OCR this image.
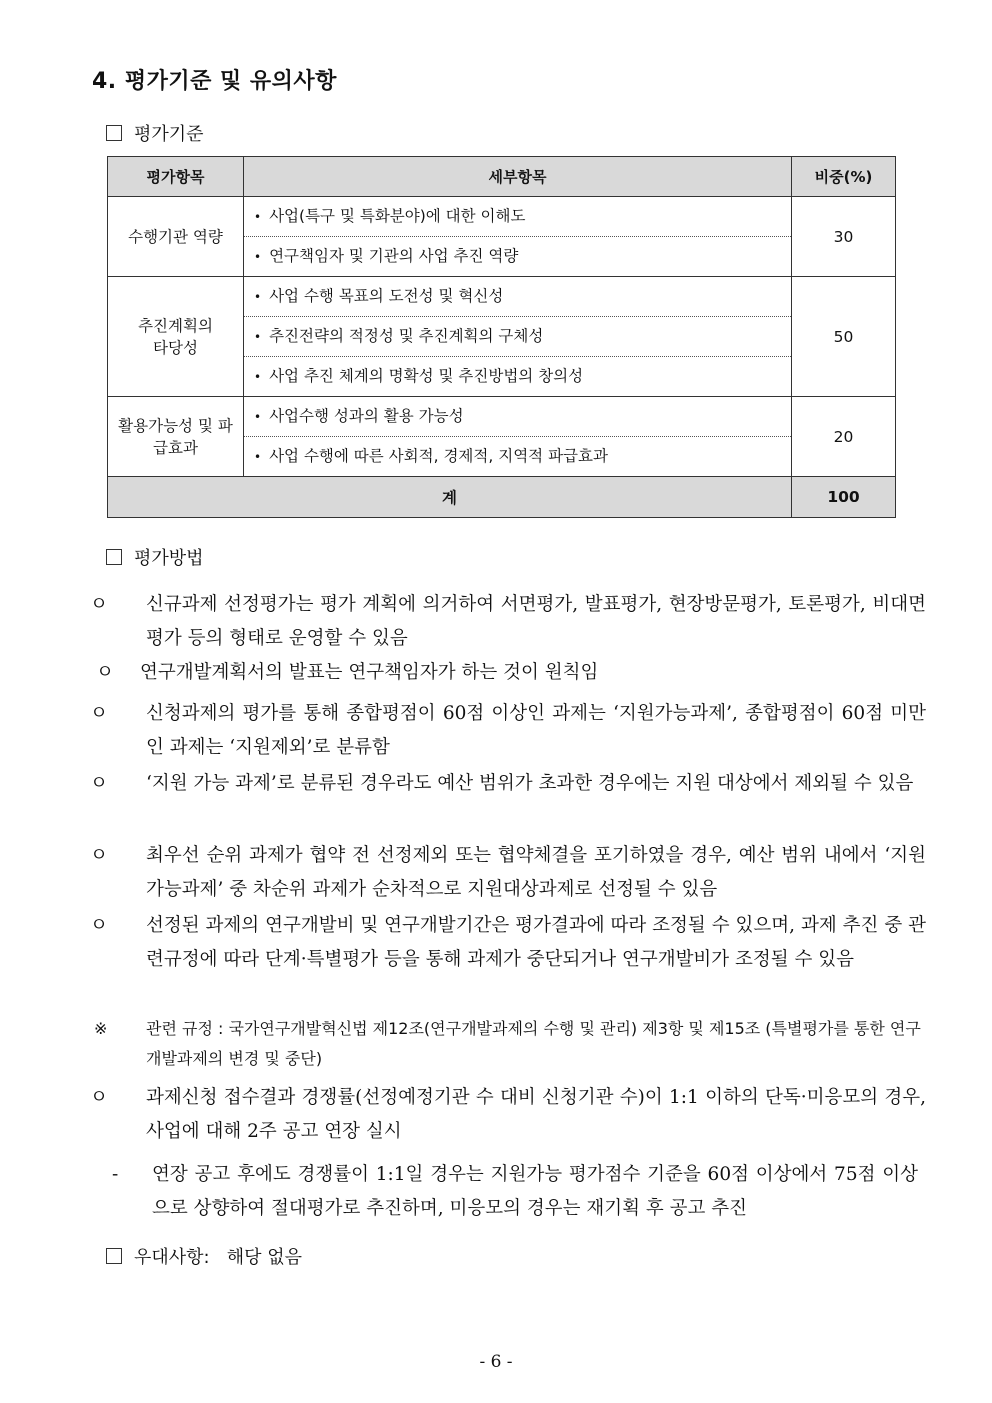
4. 평가기준 및 유의사항
평가기준
평가항목	세부항목	비중(%)
수행기관 역량	• 사업(특구 및 특화분야)에 대한 이해도
• 연구책임자 및 기관의 사업 추진 역량	30
추진계획의 타당성	• 사업 수행 목표의 도전성 및 혁신성
• 추진전략의 적정성 및 추진계획의 구체성
• 사업 추진 체계의 명확성 및 추진방법의 창의성	50
활용가능성 및 파급효과	• 사업수행 성과의 활용 가능성
• 사업 수행에 따른 사회적, 경제적, 지역적 파급효과	20
계		100
평가방법
ㅇ 신규과제 선정평가는 평가 계획에 의거하여 서면평가, 발표평가, 현장방문평가, 토론평가, 비대면평가 등의 형태로 운영할 수 있음
ㅇ 연구개발계획서의 발표는 연구책임자가 하는 것이 원칙임
ㅇ 신청과제의 평가를 통해 종합평점이 60점 이상인 과제는 ‘지원가능과제’, 종합평점이 60점 미만인 과제는 ‘지원제외’로 분류함
ㅇ ‘지원 가능 과제’로 분류된 경우라도 예산 범위가 초과한 경우에는 지원 대상에서 제외될 수 있음
ㅇ 최우선 순위 과제가 협약 전 선정제외 또는 협약체결을 포기하였을 경우, 예산 범위 내에서 ‘지원가능과제’ 중 차순위 과제가 순차적으로 지원대상과제로 선정될 수 있음
ㅇ 선정된 과제의 연구개발비 및 연구개발기간은 평가결과에 따라 조정될 수 있으며, 과제 추진 중 관련규정에 따라 단계·특별평가 등을 통해 과제가 중단되거나 연구개발비가 조정될 수 있음
※ 관련 규정 : 국가연구개발혁신법 제12조(연구개발과제의 수행 및 관리) 제3항 및 제15조 (특별평가를 통한 연구개발과제의 변경 및 중단)
ㅇ 과제신청 접수결과 경쟁률(선정예정기관 수 대비 신청기관 수)이 1:1 이하의 단독·미응모의 경우, 사업에 대해 2주 공고 연장 실시
- 연장 공고 후에도 경쟁률이 1:1일 경우는 지원가능 평가점수 기준을 60점 이상에서 75점 이상으로 상향하여 절대평가로 추진하며, 미응모의 경우는 재기획 후 공고 추진
우대사항: 해당 없음
- 6 -
